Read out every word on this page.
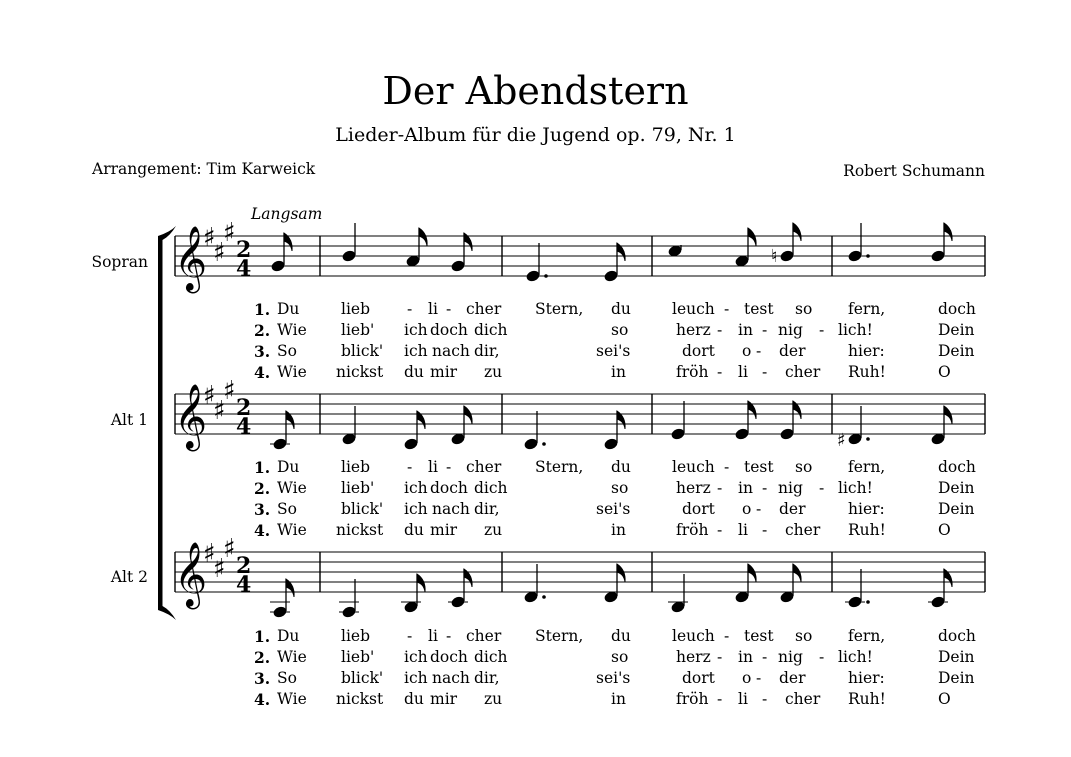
Der Abendstern
Lieder-Album für die Jugend op. 79, Nr. 1
Arrangement: Tim Karweick	Robert Schumann
Langsam
Sopran
Alt 1
Alt 2
𝄞
♯
♯
♯
2
4	♮
𝄞
♯
♯
♯
2
4
♯
𝄞
♯
♯
♯
2
4
1. Du	lieb - li - cher Stern, du	leuch - test so fern,	doch
2. Wie lieb' ich doch dich	so	herz - in - nig - lich!	Dein
3. So	blick' ich nach dir,	sei's	dort o - der	hier:	Dein
4. Wie nickst du mir zu	in	fröh - li - cher Ruh!	O
1. Du	lieb - li - cher Stern, du	leuch - test so fern,	doch
2. Wie lieb' ich doch dich	so	herz - in - nig - lich!	Dein
3. So	blick' ich nach dir,	sei's	dort o - der	hier:	Dein
4. Wie nickst du mir zu	in	fröh - li - cher Ruh!	O
1. Du	lieb - li - cher Stern, du	leuch - test so fern,	doch
2. Wie lieb' ich doch dich	so	herz - in - nig - lich!	Dein
3. So	blick' ich nach dir,	sei's	dort o - der	hier:	Dein
4. Wie nickst du mir zu	in	fröh - li - cher Ruh!	O
